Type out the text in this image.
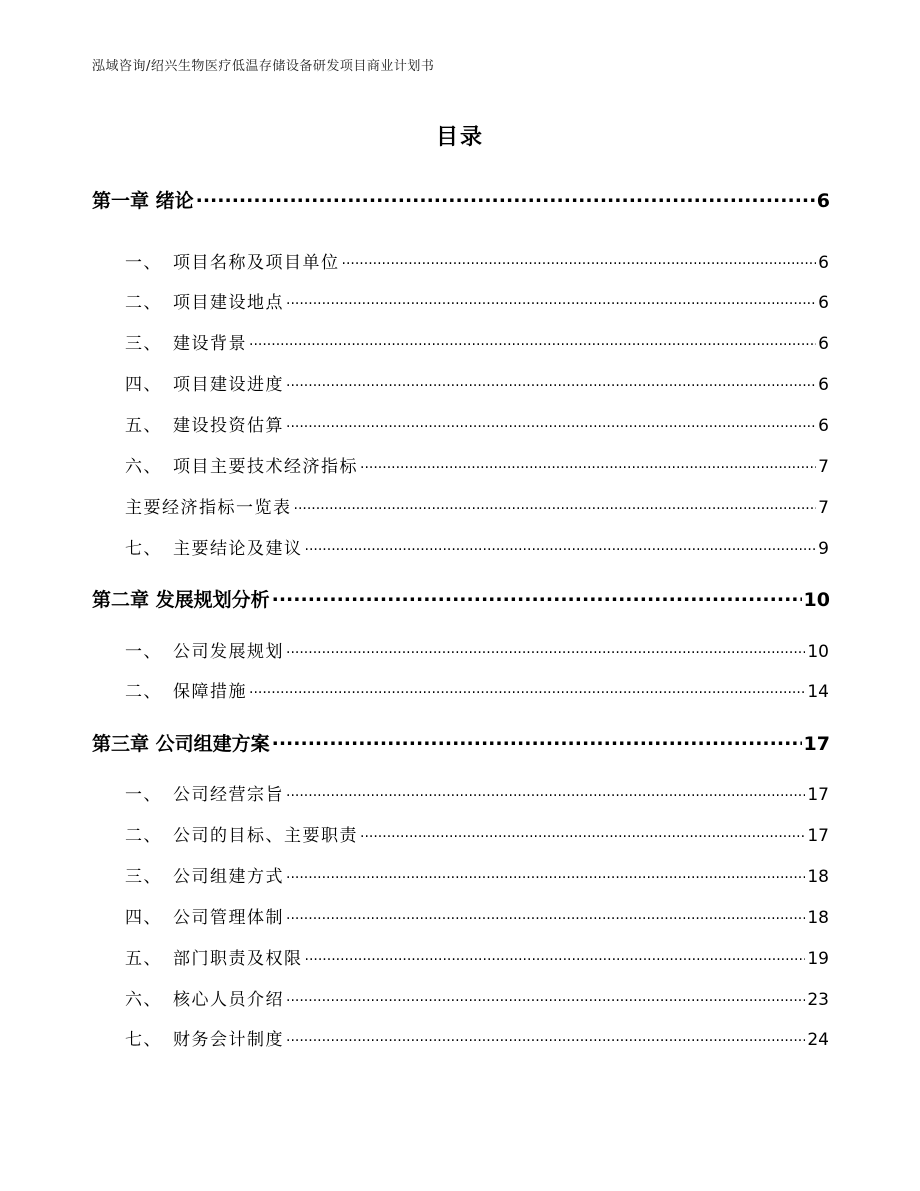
泓域咨询/绍兴生物医疗低温存储设备研发项目商业计划书
目录
第一章 绪论 .....	6
一、 项目名称及项目单位 .....	6
二、 项目建设地点 .....	6
三、 建设背景 .....	6
四、 项目建设进度 .....	6
五、 建设投资估算 .....	6
六、 项目主要技术经济指标 .....	7
主要经济指标一览表 .....	7
七、 主要结论及建议 .....	9
第二章 发展规划分析 .....	10
一、 公司发展规划 .....	10
二、 保障措施 .....	14
第三章 公司组建方案 .....	17
一、 公司经营宗旨 .....	17
二、 公司的目标、主要职责 .....	17
三、 公司组建方式 .....	18
四、 公司管理体制 .....	18
五、 部门职责及权限 .....	19
六、 核心人员介绍 .....	23
七、 财务会计制度 .....	24
